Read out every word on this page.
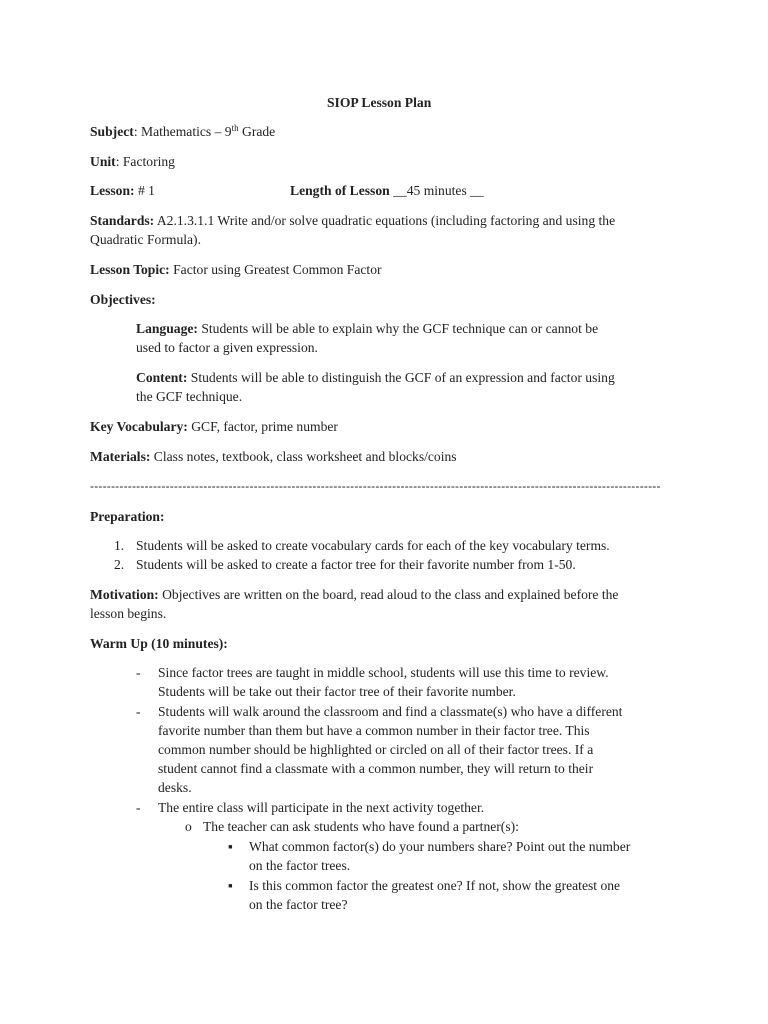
SIOP Lesson Plan

Subject: Mathematics – 9th Grade

Unit: Factoring

Lesson: # 1	Length of Lesson __45 minutes __

Standards: A2.1.3.1.1 Write and/or solve quadratic equations (including factoring and using the

Quadratic Formula).

Lesson Topic: Factor using Greatest Common Factor

Objectives:

Language: Students will be able to explain why the GCF technique can or cannot be

used to factor a given expression.

Content: Students will be able to distinguish the GCF of an expression and factor using

the GCF technique.

Key Vocabulary: GCF, factor, prime number

Materials: Class notes, textbook, class worksheet and blocks/coins

----------------------------------------------------------------------------------------------------------------------------------------

Preparation:

1. Students will be asked to create vocabulary cards for each of the key vocabulary terms.

2. Students will be asked to create a factor tree for their favorite number from 1-50.

Motivation: Objectives are written on the board, read aloud to the class and explained before the

lesson begins.

Warm Up (10 minutes):

- Since factor trees are taught in middle school, students will use this time to review.

Students will be take out their factor tree of their favorite number.

- Students will walk around the classroom and find a classmate(s) who have a different

favorite number than them but have a common number in their factor tree. This

common number should be highlighted or circled on all of their factor trees. If a

student cannot find a classmate with a common number, they will return to their

desks.

- The entire class will participate in the next activity together.

o The teacher can ask students who have found a partner(s):

▪ What common factor(s) do your numbers share? Point out the number

on the factor trees.

▪ Is this common factor the greatest one? If not, show the greatest one

on the factor tree?
